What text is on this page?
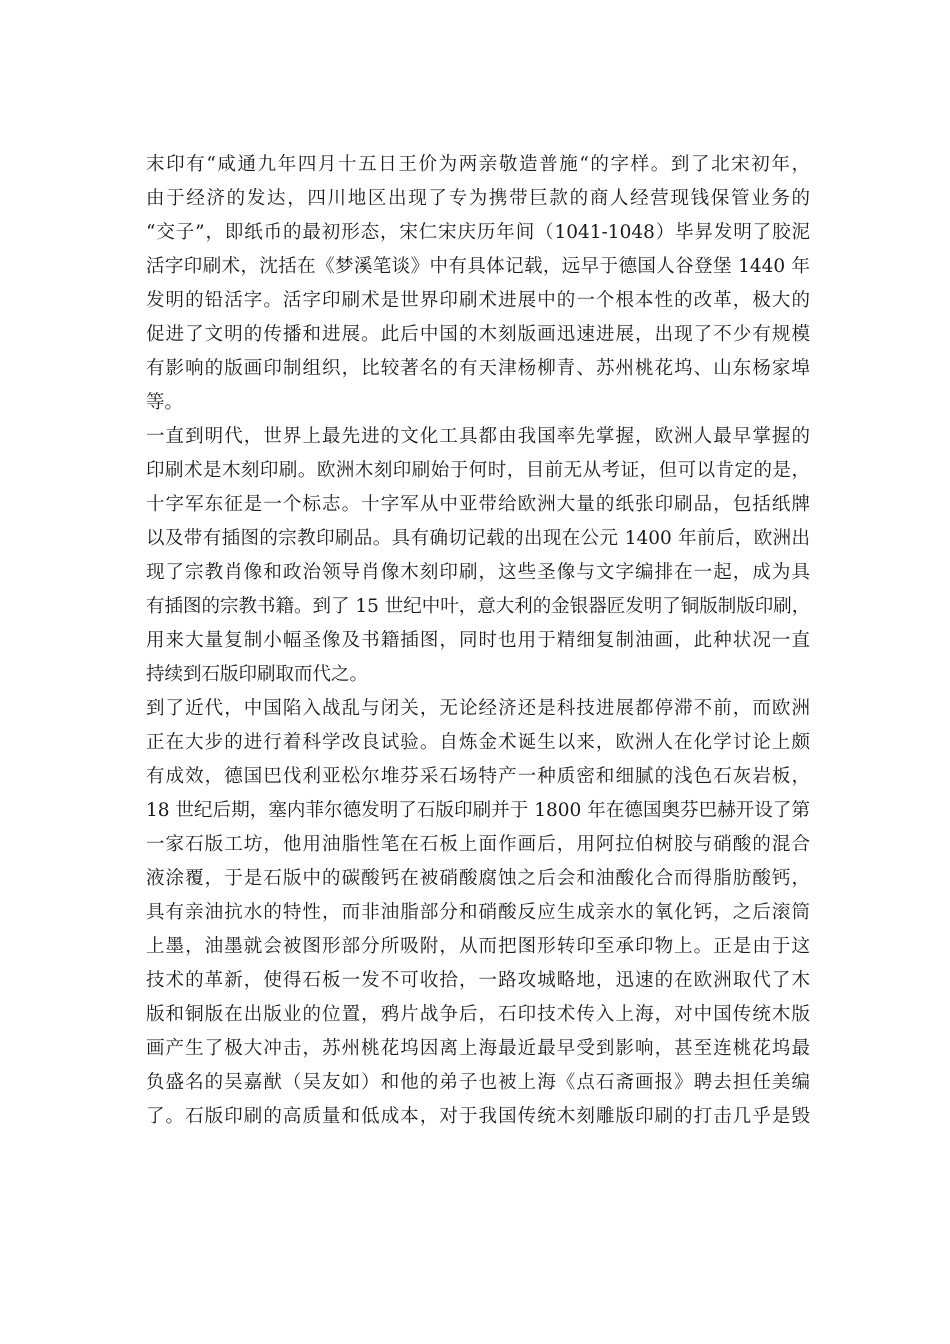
末印有“咸通九年四月十五日王价为两亲敬造普施“的字样。到了北宋初年，
由于经济的发达，四川地区出现了专为携带巨款的商人经营现钱保管业务的
“交子”，即纸币的最初形态，宋仁宋庆历年间（1041-1048）毕昇发明了胶泥
活字印刷术，沈括在《梦溪笔谈》中有具体记载，远早于德国人谷登堡 1440 年
发明的铅活字。活字印刷术是世界印刷术进展中的一个根本性的改革，极大的
促进了文明的传播和进展。此后中国的木刻版画迅速进展，出现了不少有规模
有影响的版画印制组织，比较著名的有天津杨柳青、苏州桃花坞、山东杨家埠
等。
一直到明代，世界上最先进的文化工具都由我国率先掌握，欧洲人最早掌握的
印刷术是木刻印刷。欧洲木刻印刷始于何时，目前无从考证，但可以肯定的是，
十字军东征是一个标志。十字军从中亚带给欧洲大量的纸张印刷品，包括纸牌
以及带有插图的宗教印刷品。具有确切记载的出现在公元 1400 年前后，欧洲出
现了宗教肖像和政治领导肖像木刻印刷，这些圣像与文字编排在一起，成为具
有插图的宗教书籍。到了 15 世纪中叶，意大利的金银器匠发明了铜版制版印刷，
用来大量复制小幅圣像及书籍插图，同时也用于精细复制油画，此种状况一直
持续到石版印刷取而代之。
到了近代，中国陷入战乱与闭关，无论经济还是科技进展都停滞不前，而欧洲
正在大步的进行着科学改良试验。自炼金术诞生以来，欧洲人在化学讨论上颇
有成效，德国巴伐利亚松尔堆芬采石场特产一种质密和细腻的浅色石灰岩板，
18 世纪后期，塞内菲尔德发明了石版印刷并于 1800 年在德国奥芬巴赫开设了第
一家石版工坊，他用油脂性笔在石板上面作画后，用阿拉伯树胶与硝酸的混合
液涂覆，于是石版中的碳酸钙在被硝酸腐蚀之后会和油酸化合而得脂肪酸钙，
具有亲油抗水的特性，而非油脂部分和硝酸反应生成亲水的氧化钙，之后滚筒
上墨，油墨就会被图形部分所吸附，从而把图形转印至承印物上。正是由于这
技术的革新，使得石板一发不可收拾，一路攻城略地，迅速的在欧洲取代了木
版和铜版在出版业的位置，鸦片战争后，石印技术传入上海，对中国传统木版
画产生了极大冲击，苏州桃花坞因离上海最近最早受到影响，甚至连桃花坞最
负盛名的吴嘉猷（吴友如）和他的弟子也被上海《点石斋画报》聘去担任美编
了。石版印刷的高质量和低成本，对于我国传统木刻雕版印刷的打击几乎是毁
